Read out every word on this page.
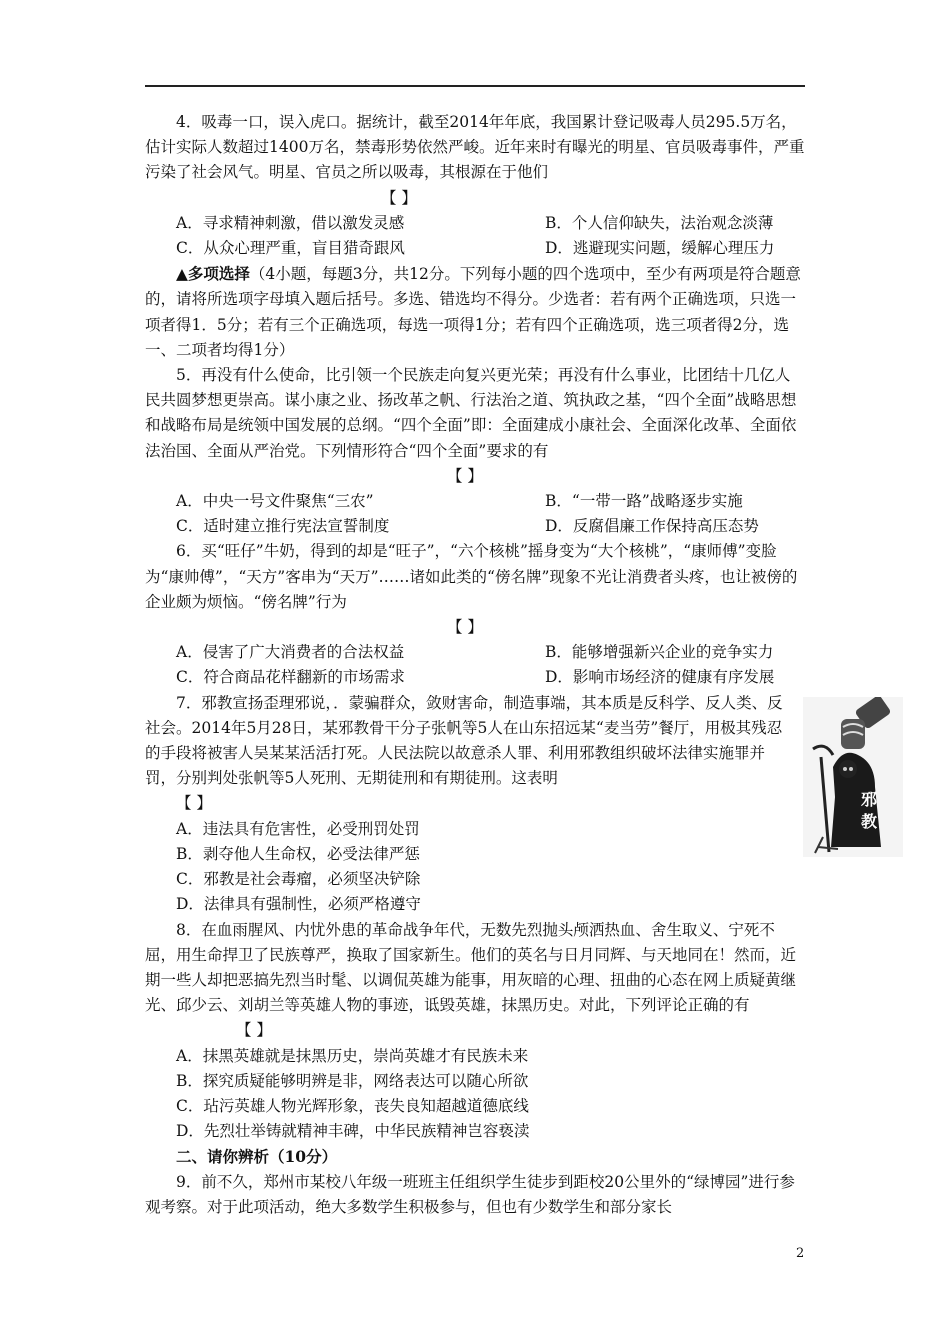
4．吸毒一口，误入虎口。据统计，截至2014年年底，我国累计登记吸毒人员295.5万名，估计实际人数超过1400万名，禁毒形势依然严峻。近年来时有曝光的明星、官员吸毒事件，严重污染了社会风气。明星、官员之所以吸毒，其根源在于他们

【 】

A．寻求精神刺激，借以激发灵感	B．个人信仰缺失，法治观念淡薄
C．从众心理严重，盲目猎奇跟风	D．逃避现实问题，缓解心理压力

▲多项选择（4小题，每题3分，共12分。下列每小题的四个选项中，至少有两项是符合题意的，请将所选项字母填入题后括号。多选、错选均不得分。少选者：若有两个正确选项，只选一项者得1．5分；若有三个正确选项，每选一项得1分；若有四个正确选项，选三项者得2分，选一、二项者均得1分）

5．再没有什么使命，比引领一个民族走向复兴更光荣；再没有什么事业，比团结十几亿人民共圆梦想更崇高。谋小康之业、扬改革之帆、行法治之道、筑执政之基，“四个全面”战略思想和战略布局是统领中国发展的总纲。“四个全面”即：全面建成小康社会、全面深化改革、全面依法治国、全面从严治党。下列情形符合“四个全面”要求的有

【 】

A．中央一号文件聚焦“三农”	B．“一带一路”战略逐步实施
C．适时建立推行宪法宣誓制度	D．反腐倡廉工作保持高压态势

6．买“旺仔”牛奶，得到的却是“旺子”，“六个核桃”摇身变为“大个核桃”，“康师傅”变脸为“康帅傅”，“天方”客串为“天万”……诸如此类的“傍名牌”现象不光让消费者头疼，也让被傍的企业颇为烦恼。“傍名牌”行为

【 】

A．侵害了广大消费者的合法权益	B．能够增强新兴企业的竞争实力
C．符合商品花样翻新的市场需求	D．影响市场经济的健康有序发展

7．邪教宣扬歪理邪说，．蒙骗群众，敛财害命，制造事端，其本质是反科学、反人类、反社会。2014年5月28日，某邪教骨干分子张帆等5人在山东招远某“麦当劳”餐厅，用极其残忍的手段将被害人吴某某活活打死。人民法院以故意杀人罪、利用邪教组织破坏法律实施罪并罚，分别判处张帆等5人死刑、无期徒刑和有期徒刑。这表明

【 】

A．违法具有危害性，必受刑罚处罚

B．剥夺他人生命权，必受法律严惩

C．邪教是社会毒瘤，必须坚决铲除

D．法律具有强制性，必须严格遵守

8．在血雨腥风、内忧外患的革命战争年代，无数先烈抛头颅洒热血、舍生取义、宁死不屈，用生命捍卫了民族尊严，换取了国家新生。他们的英名与日月同辉、与天地同在！然而，近期一些人却把恶搞先烈当时髦、以调侃英雄为能事，用灰暗的心理、扭曲的心态在网上质疑黄继光、邱少云、刘胡兰等英雄人物的事迹，诋毁英雄，抹黑历史。对此，下列评论正确的有【 】

A．抹黑英雄就是抹黑历史，崇尚英雄才有民族未来

B．探究质疑能够明辨是非，网络表达可以随心所欲

C．玷污英雄人物光辉形象，丧失良知超越道德底线

D．先烈壮举铸就精神丰碑，中华民族精神岂容亵渎

二、请你辨析（10分）

9．前不久，郑州市某校八年级一班班主任组织学生徒步到距校20公里外的“绿博园”进行参观考察。对于此项活动，绝大多数学生积极参与，但也有少数学生和部分家长

邪
教
2
